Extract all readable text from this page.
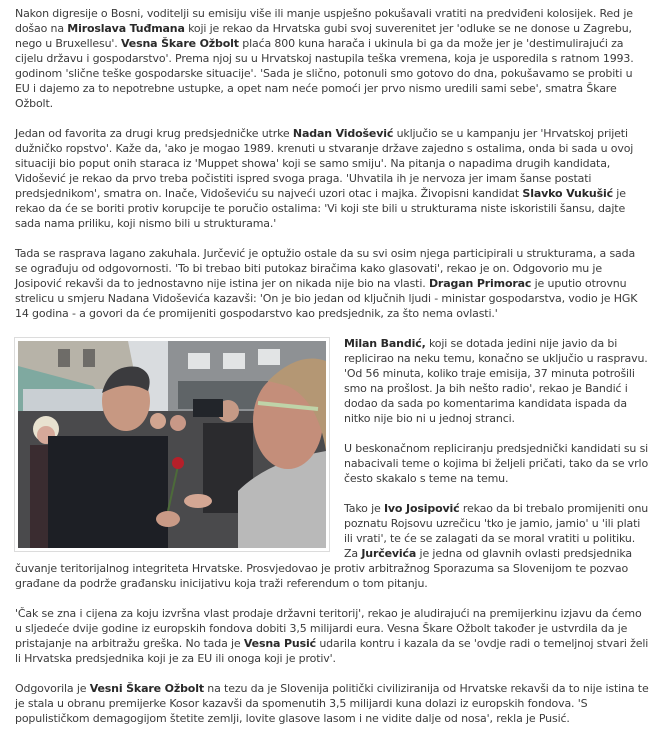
Nakon digresije o Bosni, voditelji su emisiju više ili manje uspješno pokušavali vratiti na predviđeni kolosijek. Red je došao na Miroslava Tuđmana koji je rekao da Hrvatska gubi svoj suverenitet jer 'odluke se ne donose u Zagrebu, nego u Bruxellesu'. Vesna Škare Ožbolt plaća 800 kuna harača i ukinula bi ga da može jer je 'destimulirajući za cijelu državu i gospodarstvo'. Prema njoj su u Hrvatskoj nastupila teška vremena, koja je usporedila s ratnom 1993. godinom 'slične teške gospodarske situacije'. 'Sada je slično, potonuli smo gotovo do dna, pokušavamo se probiti u EU i dajemo za to nepotrebne ustupke, a opet nam neće pomoći jer prvo nismo uredili sami sebe', smatra Škare Ožbolt.

Jedan od favorita za drugi krug predsjedničke utrke Nadan Vidošević uključio se u kampanju jer 'Hrvatskoj prijeti dužničko ropstvo'. Kaže da, 'ako je mogao 1989. krenuti u stvaranje države zajedno s ostalima, onda bi sada u ovoj situaciji bio poput onih staraca iz 'Muppet showa' koji se samo smiju'. Na pitanja o napadima drugih kandidata, Vidošević je rekao da prvo treba počistiti ispred svoga praga. 'Uhvatila ih je nervoza jer imam šanse postati predsjednikom', smatra on. Inače, Vidoševiću su najveći uzori otac i majka. Živopisni kandidat Slavko Vukušić je rekao da će se boriti protiv korupcije te poručio ostalima: 'Vi koji ste bili u strukturama niste iskoristili šansu, dajte sada nama priliku, koji nismo bili u strukturama.'

Tada se rasprava lagano zakuhala. Jurčević je optužio ostale da su svi osim njega participirali u strukturama, a sada se ograđuju od odgovornosti. 'To bi trebao biti putokaz biračima kako glasovati', rekao je on. Odgovorio mu je Josipović rekavši da to jednostavno nije istina jer on nikada nije bio na vlasti. Dragan Primorac je uputio otrovnu strelicu u smjeru Nadana Vidoševića kazavši: 'On je bio jedan od ključnih ljudi - ministar gospodarstva, vodio je HGK 14 godina - a govori da će promijeniti gospodarstvo kao predsjednik, za što nema ovlasti.'

Milan Bandić, koji se dotada jedini nije javio da bi replicirao na neku temu, konačno se uključio u raspravu. 'Od 56 minuta, koliko traje emisija, 37 minuta potrošili smo na prošlost. Ja bih nešto radio', rekao je Bandić i dodao da sada po komentarima kandidata ispada da nitko nije bio ni u jednoj stranci.

U beskonačnom repliciranju predsjednički kandidati su si nabacivali teme o kojima bi željeli pričati, tako da se vrlo često skakalo s teme na temu.

Tako je Ivo Josipović rekao da bi trebalo promijeniti onu poznatu Rojsovu uzrečicu 'tko je jamio, jamio' u 'ili plati ili vrati', te će se zalagati da se moral vratiti u politiku. Za Jurčevića je jedna od glavnih ovlasti predsjednika čuvanje teritorijalnog integriteta Hrvatske. Prosvjedovao je protiv arbitražnog Sporazuma sa Slovenijom te pozvao građane da podrže građansku inicijativu koja traži referendum o tom pitanju.

'Čak se zna i cijena za koju izvršna vlast prodaje državni teritorij', rekao je aludirajući na premijerkinu izjavu da ćemo u sljedeće dvije godine iz europskih fondova dobiti 3,5 milijardi eura. Vesna Škare Ožbolt također je ustvrdila da je pristajanje na arbitražu greška. No tada je Vesna Pusić udarila kontru i kazala da se 'ovdje radi o temeljnoj stvari želi li Hrvatska predsjednika koji je za EU ili onoga koji je protiv'.

Odgovorila je Vesni Škare Ožbolt na tezu da je Slovenija politički civiliziranija od Hrvatske rekavši da to nije istina te je stala u obranu premijerke Kosor kazavši da spomenutih 3,5 milijardi kuna dolazi iz europskih fondova. 'S populističkom demagogijom štetite zemlji, lovite glasove lasom i ne vidite dalje od nosa', rekla je Pusić.
